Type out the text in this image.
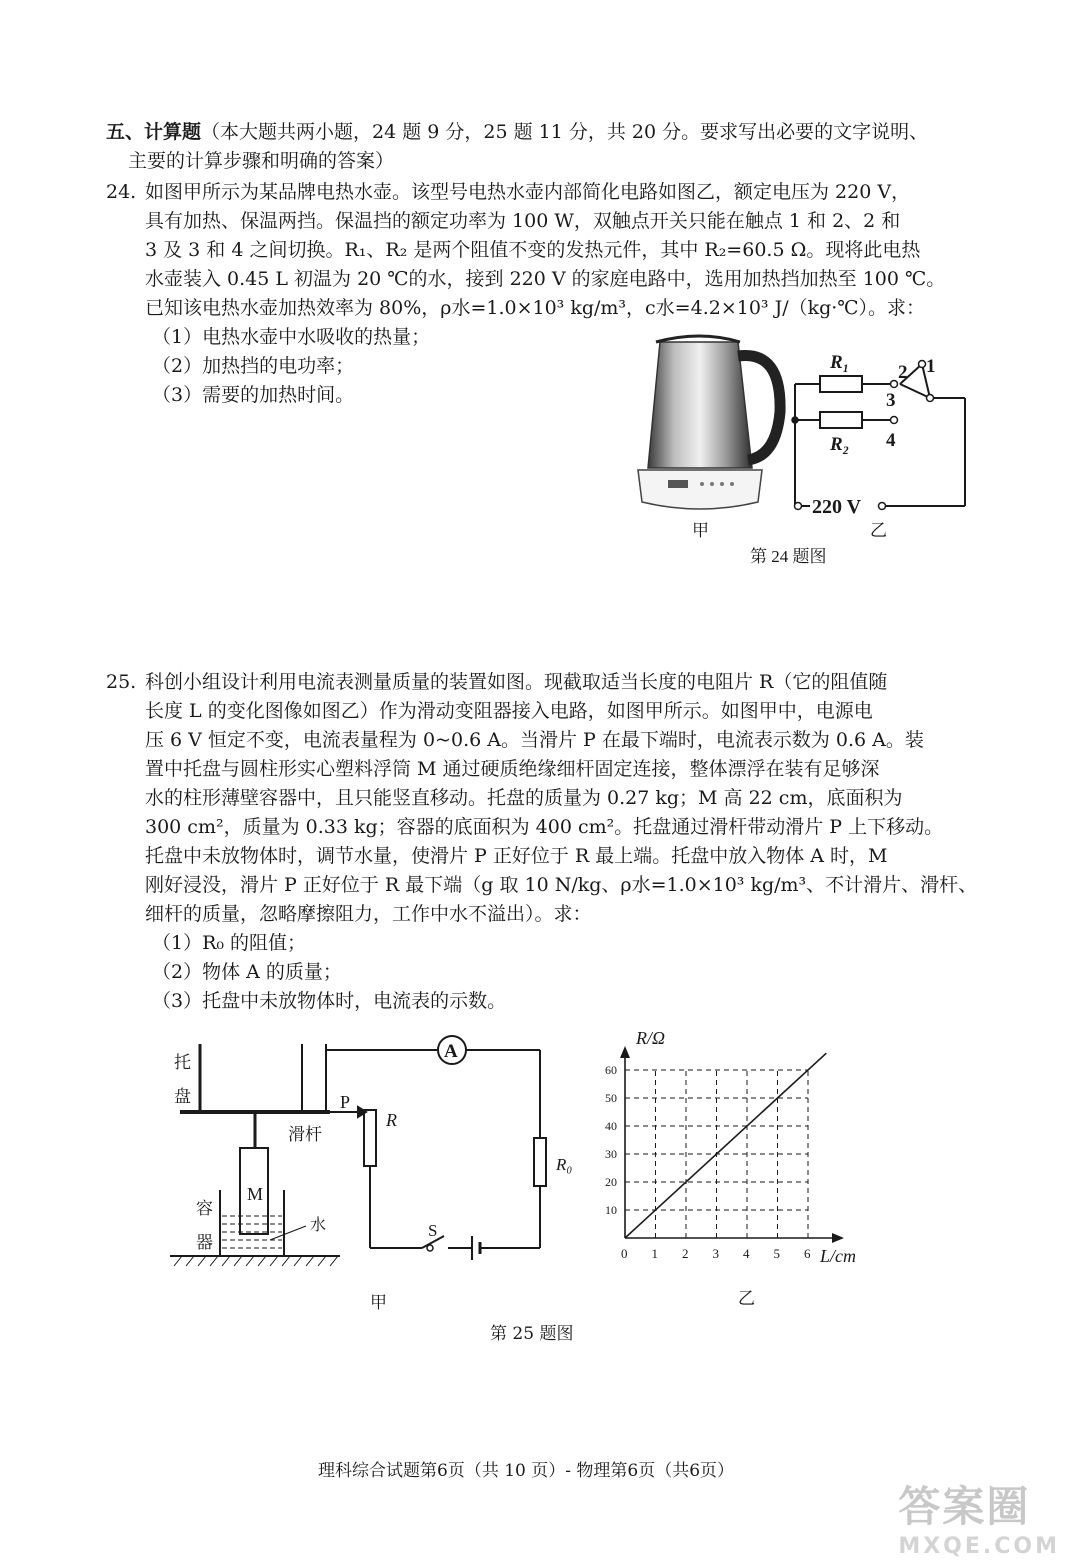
五、计算题（本大题共两小题，24 题 9 分，25 题 11 分，共 20 分。要求写出必要的文字说明、
主要的计算步骤和明确的答案）
24. 如图甲所示为某品牌电热水壶。该型号电热水壶内部简化电路如图乙，额定电压为 220 V，
具有加热、保温两挡。保温挡的额定功率为 100 W，双触点开关只能在触点 1 和 2、2 和
3 及 3 和 4 之间切换。R₁、R₂ 是两个阻值不变的发热元件，其中 R₂=60.5 Ω。现将此电热
水壶装入 0.45 L 初温为 20 ℃的水，接到 220 V 的家庭电路中，选用加热挡加热至 100 ℃。
已知该电热水壶加热效率为 80%，ρ水=1.0×10³ kg/m³，c水=4.2×10³ J/（kg·℃）。求：
（1）电热水壶中水吸收的热量；
（2）加热挡的电功率；
（3）需要的加热时间。
R₁
R₂
2 1
3
4
220 V
甲	乙
第 24 题图
25. 科创小组设计利用电流表测量质量的装置如图。现截取适当长度的电阻片 R（它的阻值随
长度 L 的变化图像如图乙）作为滑动变阻器接入电路，如图甲所示。如图甲中，电源电
压 6 V 恒定不变，电流表量程为 0~0.6 A。当滑片 P 在最下端时，电流表示数为 0.6 A。装
置中托盘与圆柱形实心塑料浮筒 M 通过硬质绝缘细杆固定连接，整体漂浮在装有足够深
水的柱形薄壁容器中，且只能竖直移动。托盘的质量为 0.27 kg；M 高 22 cm，底面积为
300 cm²，质量为 0.33 kg；容器的底面积为 400 cm²。托盘通过滑杆带动滑片 P 上下移动。
托盘中未放物体时，调节水量，使滑片 P 正好位于 R 最上端。托盘中放入物体 A 时，M
刚好浸没，滑片 P 正好位于 R 最下端（g 取 10 N/kg、ρ水=1.0×10³ kg/m³、不计滑片、滑杆、
细杆的质量，忽略摩擦阻力，工作中水不溢出）。求：
（1）R₀ 的阻值；
（2）物体 A 的质量；
（3）托盘中未放物体时，电流表的示数。
托
盘
滑杆
P
R
R₀
A
S
M
容
器
水
甲
0 1 2 3 4 5 6
10
20
30
40
50
60
R/Ω
L/cm
乙
第 25 题图
理科综合试题第6页（共 10 页）- 物理第6页（共6页）
答案圈
MXQE.COM
